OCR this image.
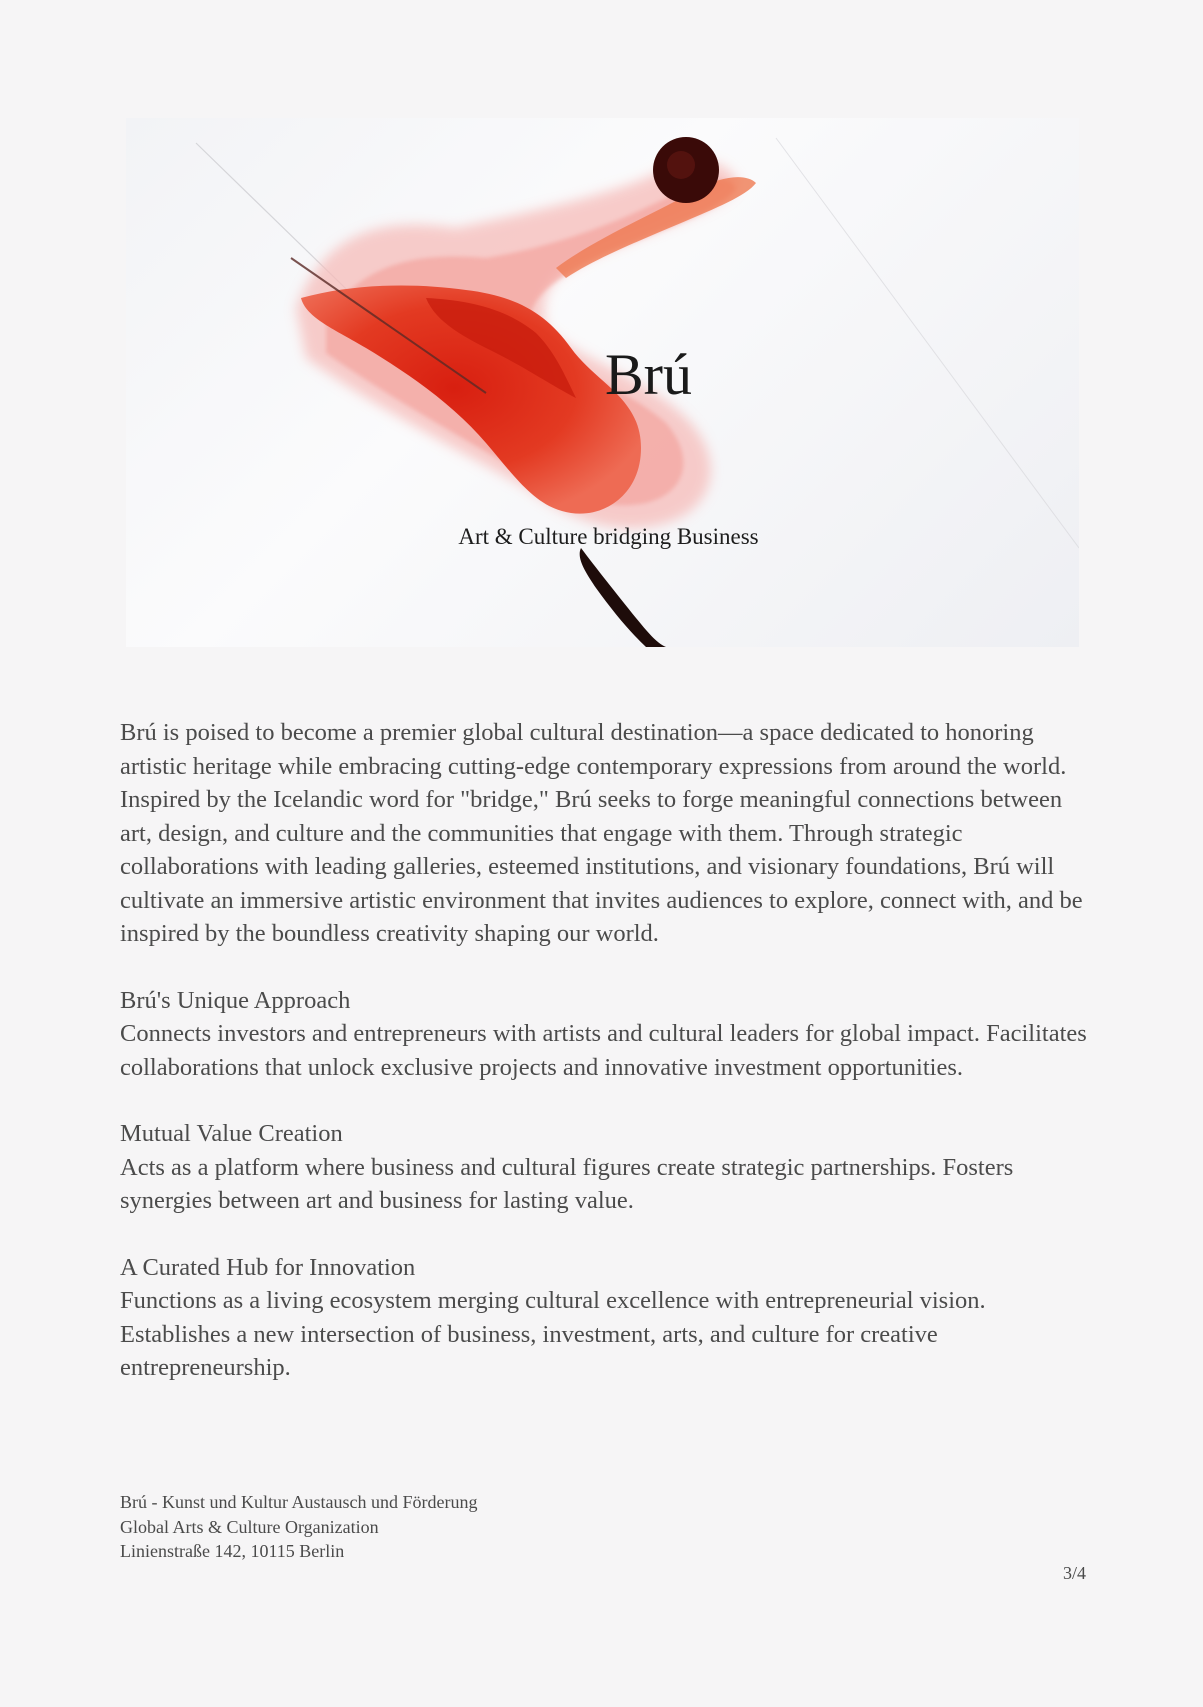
Brú
Art & Culture bridging Business

Brú is poised to become a premier global cultural destination—a space dedicated to honoring artistic heritage while embracing cutting-edge contemporary expressions from around the world. Inspired by the Icelandic word for "bridge," Brú seeks to forge meaningful connections between art, design, and culture and the communities that engage with them. Through strategic collaborations with leading galleries, esteemed institutions, and visionary foundations, Brú will cultivate an immersive artistic environment that invites audiences to explore, connect with, and be inspired by the boundless creativity shaping our world.

Brú's Unique Approach

Connects investors and entrepreneurs with artists and cultural leaders for global impact. Facilitates collaborations that unlock exclusive projects and innovative investment opportunities.

Mutual Value Creation

Acts as a platform where business and cultural figures create strategic partnerships. Fosters synergies between art and business for lasting value.

A Curated Hub for Innovation

Functions as a living ecosystem merging cultural excellence with entrepreneurial vision. Establishes a new intersection of business, investment, arts, and culture for creative entrepreneurship.

Brú - Kunst und Kultur Austausch und Förderung
Global Arts & Culture Organization
Linienstraße 142, 10115 Berlin
3/4
